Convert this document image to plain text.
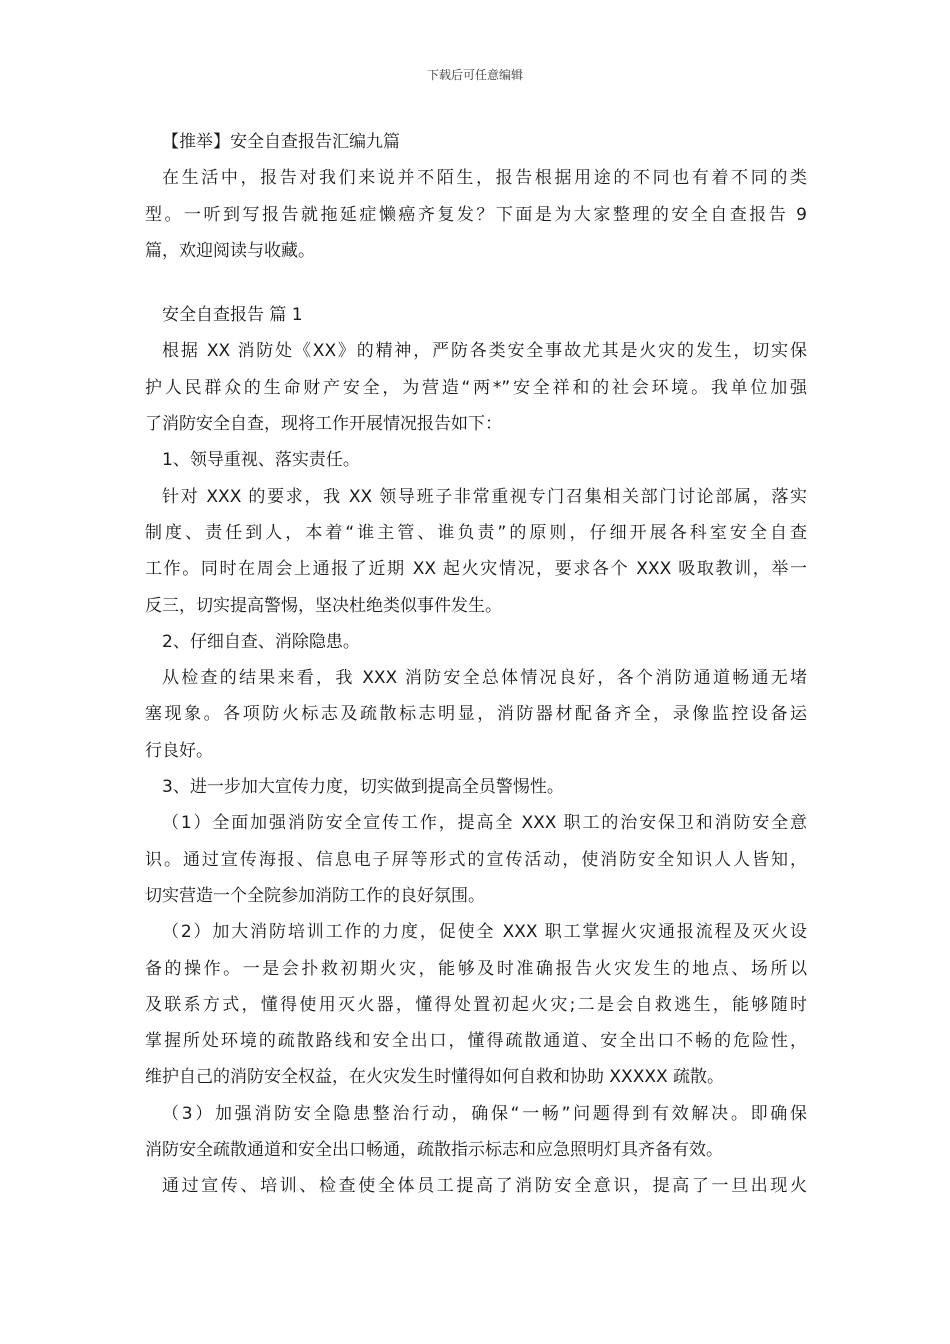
下载后可任意编辑
【推举】安全自查报告汇编九篇
在生活中，报告对我们来说并不陌生，报告根据用途的不同也有着不同的类
型。一听到写报告就拖延症懒癌齐复发？下面是为大家整理的安全自查报告 9
篇，欢迎阅读与收藏。
安全自查报告 篇 1
根据 XX 消防处《XX》的精神，严防各类安全事故尤其是火灾的发生，切实保
护人民群众的生命财产安全，为营造“两*”安全祥和的社会环境。我单位加强
了消防安全自查，现将工作开展情况报告如下：
1、领导重视、落实责任。
针对 XXX 的要求，我 XX 领导班子非常重视专门召集相关部门讨论部属，落实
制度、责任到人，本着“谁主管、谁负责”的原则，仔细开展各科室安全自查
工作。同时在周会上通报了近期 XX 起火灾情况，要求各个 XXX 吸取教训，举一
反三，切实提高警惕，坚决杜绝类似事件发生。
2、仔细自查、消除隐患。
从检查的结果来看，我 XXX 消防安全总体情况良好，各个消防通道畅通无堵
塞现象。各项防火标志及疏散标志明显，消防器材配备齐全，录像监控设备运
行良好。
3、进一步加大宣传力度，切实做到提高全员警惕性。
（1）全面加强消防安全宣传工作，提高全 XXX 职工的治安保卫和消防安全意
识。通过宣传海报、信息电子屏等形式的宣传活动，使消防安全知识人人皆知，
切实营造一个全院参加消防工作的良好氛围。
（2）加大消防培训工作的力度，促使全 XXX 职工掌握火灾通报流程及灭火设
备的操作。一是会扑救初期火灾，能够及时准确报告火灾发生的地点、场所以
及联系方式，懂得使用灭火器，懂得处置初起火灾;二是会自救逃生，能够随时
掌握所处环境的疏散路线和安全出口，懂得疏散通道、安全出口不畅的危险性，
维护自己的消防安全权益，在火灾发生时懂得如何自救和协助 XXXXX 疏散。
（3）加强消防安全隐患整治行动，确保“一畅”问题得到有效解决。即确保
消防安全疏散通道和安全出口畅通，疏散指示标志和应急照明灯具齐备有效。
通过宣传、培训、检查使全体员工提高了消防安全意识，提高了一旦出现火
